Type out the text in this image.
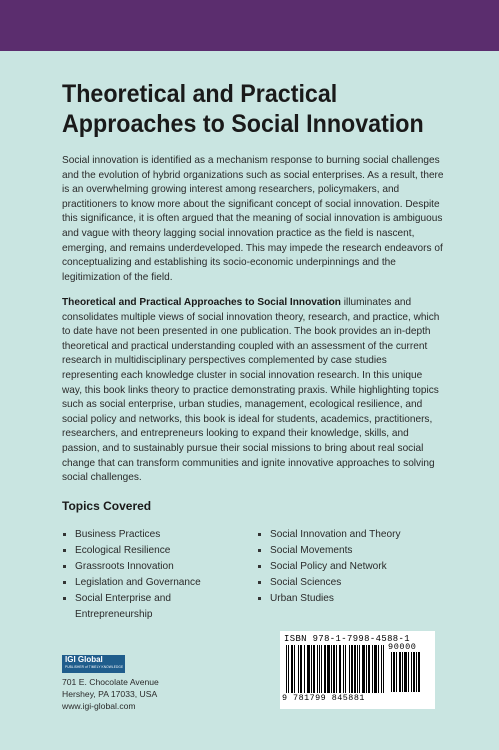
Theoretical and Practical
Approaches to Social Innovation

Social innovation is identified as a mechanism response to burning social challenges and the evolution of hybrid organizations such as social enterprises. As a result, there is an overwhelming growing interest among researchers, policymakers, and practitioners to know more about the significant concept of social innovation. Despite this significance, it is often argued that the meaning of social innovation is ambiguous and vague with theory lagging social innovation practice as the field is nascent, emerging, and remains underdeveloped. This may impede the research endeavors of conceptualizing and establishing its socio-economic underpinnings and the legitimization of the field.

Theoretical and Practical Approaches to Social Innovation illuminates and consolidates multiple views of social innovation theory, research, and practice, which to date have not been presented in one publication. The book provides an in-depth theoretical and practical understanding coupled with an assessment of the current research in multidisciplinary perspectives complemented by case studies representing each knowledge cluster in social innovation research. In this unique way, this book links theory to practice demonstrating praxis. While highlighting topics such as social enterprise, urban studies, management, ecological resilience, and social policy and networks, this book is ideal for students, academics, practitioners, researchers, and entrepreneurs looking to expand their knowledge, skills, and passion, and to sustainably pursue their social missions to bring about real social change that can transform communities and ignite innovative approaches to solving social challenges.

Topics Covered
Business Practices
Ecological Resilience
Grassroots Innovation
Legislation and Governance
Social Enterprise and Entrepreneurship
Social Innovation and Theory
Social Movements
Social Policy and Network
Social Sciences
Urban Studies
IGI Global
PUBLISHER of TIMELY KNOWLEDGE
701 E. Chocolate Avenue
Hershey, PA 17033, USA
www.igi-global.com
ISBN 978-1-7998-4588-1
90000
9 781799 845881
